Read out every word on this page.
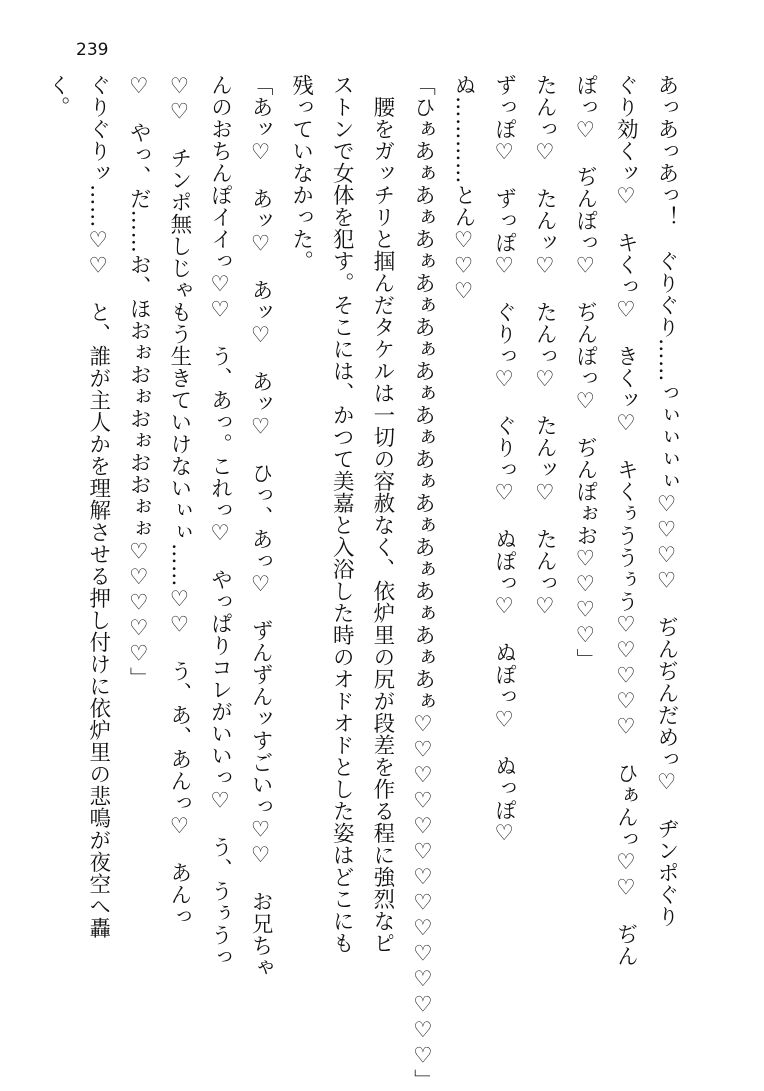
239
あっあっあっ！　ぐりぐり……っぃぃぃぃ♡♡♡♡　ぢんぢんだめっ♡　ヂンポぐり
ぐり効くッ♡　キくっ♡　きくッ♡　キくぅううぅう♡♡♡♡♡　ひぁんっ♡♡　ぢん
ぽっ♡　ぢんぽっ♡　ぢんぽっ♡　ぢんぽぉお♡♡♡♡」
たんっ♡　たんッ♡　たんっ♡　たんッ♡　たんっ♡
ずっぽ♡　ずっぽ♡　ぐりっ♡　ぐりっ♡　ぬぽっ♡　ぬぽっ♡　ぬっぽ♡
ぬ…………とん♡♡♡
「ひぁあぁあぁあぁあぁあぁあぁあぁあぁあぁあぁあぁあぁあぁ♡♡♡♡♡♡♡♡♡♡♡♡♡♡」
　腰をガッチリと掴んだタケルは一切の容赦なく、依炉里の尻が段差を作る程に強烈なピ
ストンで女体を犯す。そこには、かつて美嘉と入浴した時のオドオドとした姿はどこにも
残っていなかった。
「あッ♡　あッ♡　あッ♡　あッ♡　ひっ、あっ♡　ずんずんッすごいっ♡♡　お兄ちゃ
んのおちんぽイイっ♡♡　う、あっ。これっ♡　やっぱりコレがいいっ♡　う、うぅうっ
♡♡　チンポ無しじゃもう生きていけないぃぃ……♡♡　う、あ、あんっ♡　あんっ
♡　やっ、だ……お、ほおぉおぉおぉおおぉぉ♡♡♡♡♡」
ぐりぐりッ……♡♡　と、誰が主人かを理解させる押し付けに依炉里の悲鳴が夜空へ轟
く。
